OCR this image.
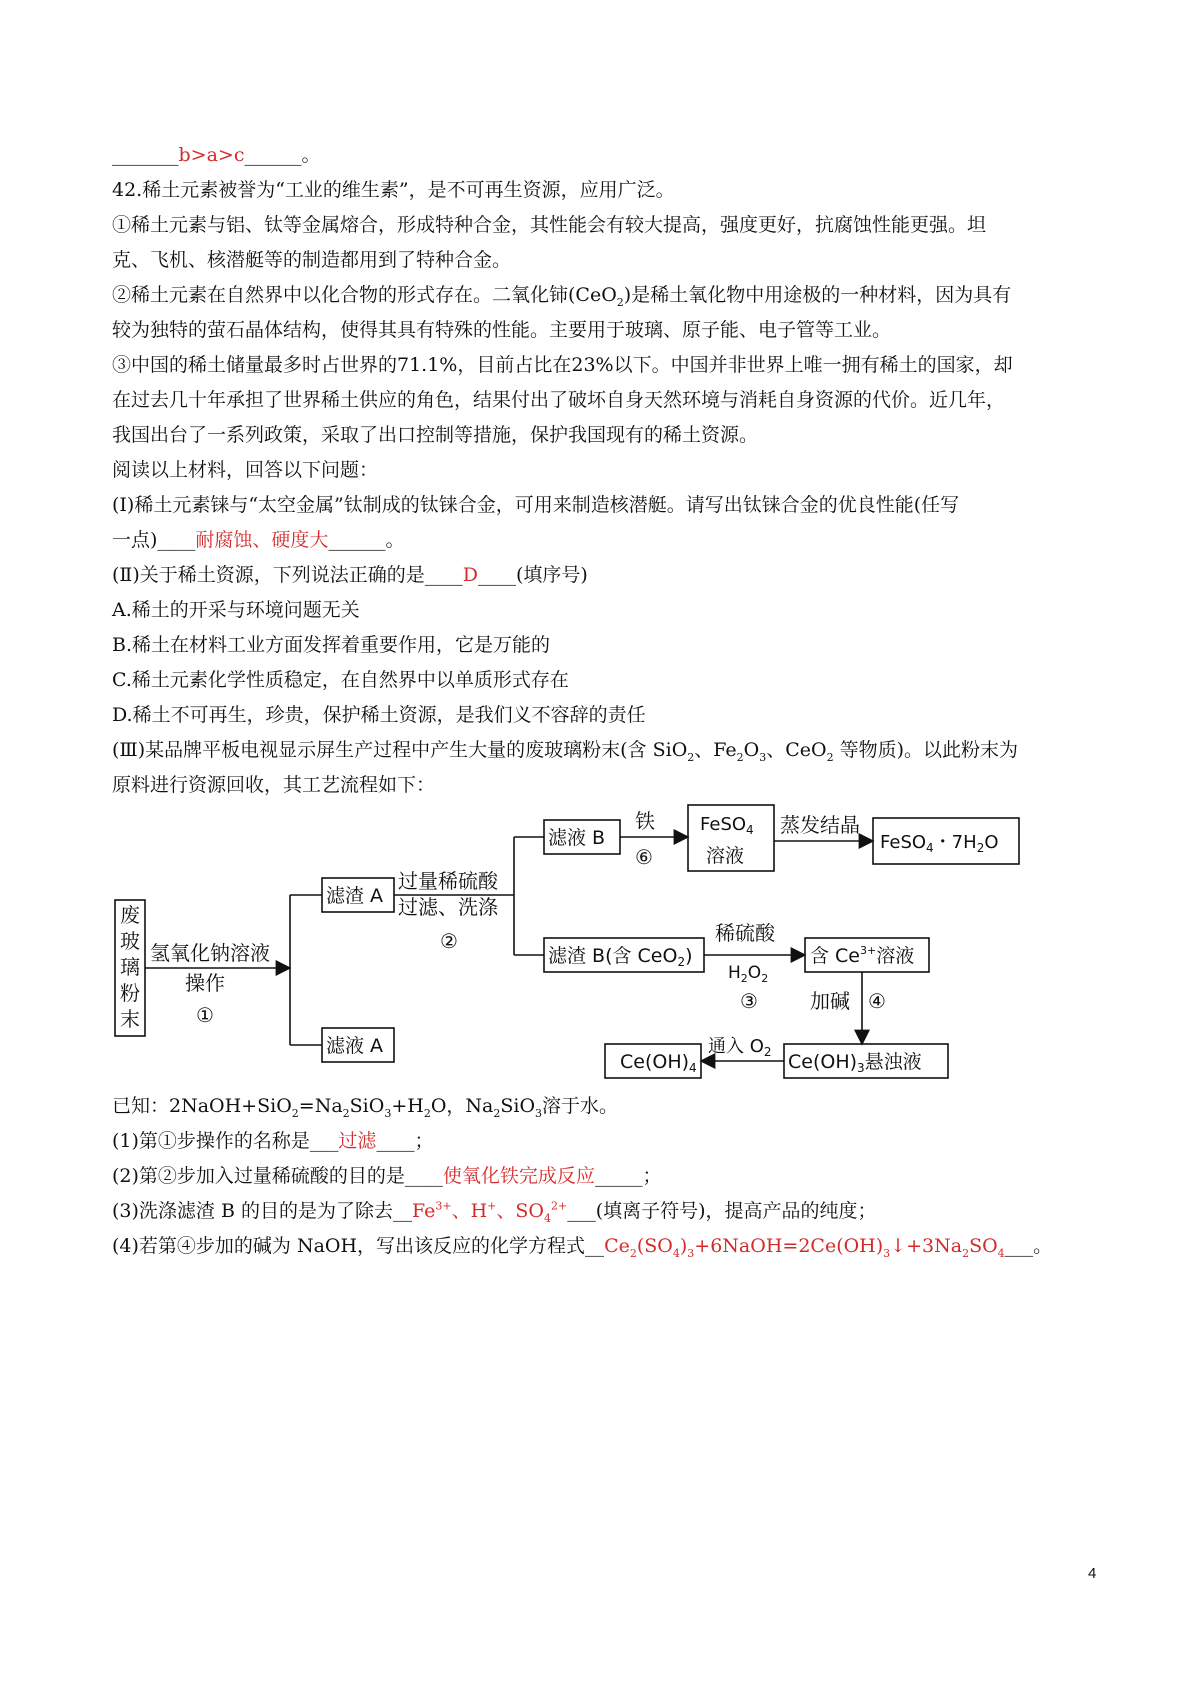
_______b>a>c______。
42.稀土元素被誉为“工业的维生素”，是不可再生资源，应用广泛。
①稀土元素与铝、钛等金属熔合，形成特种合金，其性能会有较大提高，强度更好，抗腐蚀性能更强。坦
克、飞机、核潜艇等的制造都用到了特种合金。
②稀土元素在自然界中以化合物的形式存在。二氧化铈(CeO$_2$)是稀土氧化物中用途极的一种材料，因为具有
较为独特的萤石晶体结构，使得其具有特殊的性能。主要用于玻璃、原子能、电子管等工业。
③中国的稀土储量最多时占世界的71.1%，目前占比在23%以下。中国并非世界上唯一拥有稀土的国家，却
在过去几十年承担了世界稀土供应的角色，结果付出了破坏自身天然环境与消耗自身资源的代价。近几年，
我国出台了一系列政策，采取了出口控制等措施，保护我国现有的稀土资源。
阅读以上材料，回答以下问题：
(Ⅰ)稀土元素铼与“太空金属”钛制成的钛铼合金，可用来制造核潜艇。请写出钛铼合金的优良性能(任写
一点)____耐腐蚀、硬度大______。
(Ⅱ)关于稀土资源，下列说法正确的是____D____(填序号)
A.稀土的开采与环境问题无关
B.稀土在材料工业方面发挥着重要作用，它是万能的
C.稀土元素化学性质稳定，在自然界中以单质形式存在
D.稀土不可再生，珍贵，保护稀土资源，是我们义不容辞的责任
(Ⅲ)某品牌平板电视显示屏生产过程中产生大量的废玻璃粉末(含 SiO$_2$、$Fe_2O_3$、CeO$_2$ 等物质)。以此粉末为
原料进行资源回收，其工艺流程如下：
废
玻
璃
粉
末
氢氧化钠溶液
操作
①
滤渣 A
滤液 A
过量稀硫酸
过滤、洗涤
②
滤液 B
铁
⑥
FeSO$_4$
溶液
蒸发结晶
FeSO$_4$・$7H_2O$
滤渣 B(含 CeO$_2$)
稀硫酸
$H_2O_2$
③
含 $Ce^{3+}$溶液
加碱 ④
$Ce(OH)_3$悬浊液
通入 $O_2$
$Ce(OH)_4$
已知：$2NaOH+SiO_2=Na_2SiO_3+H_2O$，$Na_2SiO_3$溶于水。
(1)第①步操作的名称是___过滤____；
(2)第②步加入过量稀硫酸的目的是____使氧化铁完成反应_____；
(3)洗涤滤渣 B 的目的是为了除去$\_\_Fe^{3+}$、H+、$SO_4^{2+}\_\_\_$(填离子符号)，提高产品的纯度；
(4)若第④步加的碱为 NaOH，写出该反应的化学方程式$\_\_Ce_2(SO_4)_3+6NaOH=2Ce(OH)_3↓+3Na_2SO_4\_\_\_$。
4
